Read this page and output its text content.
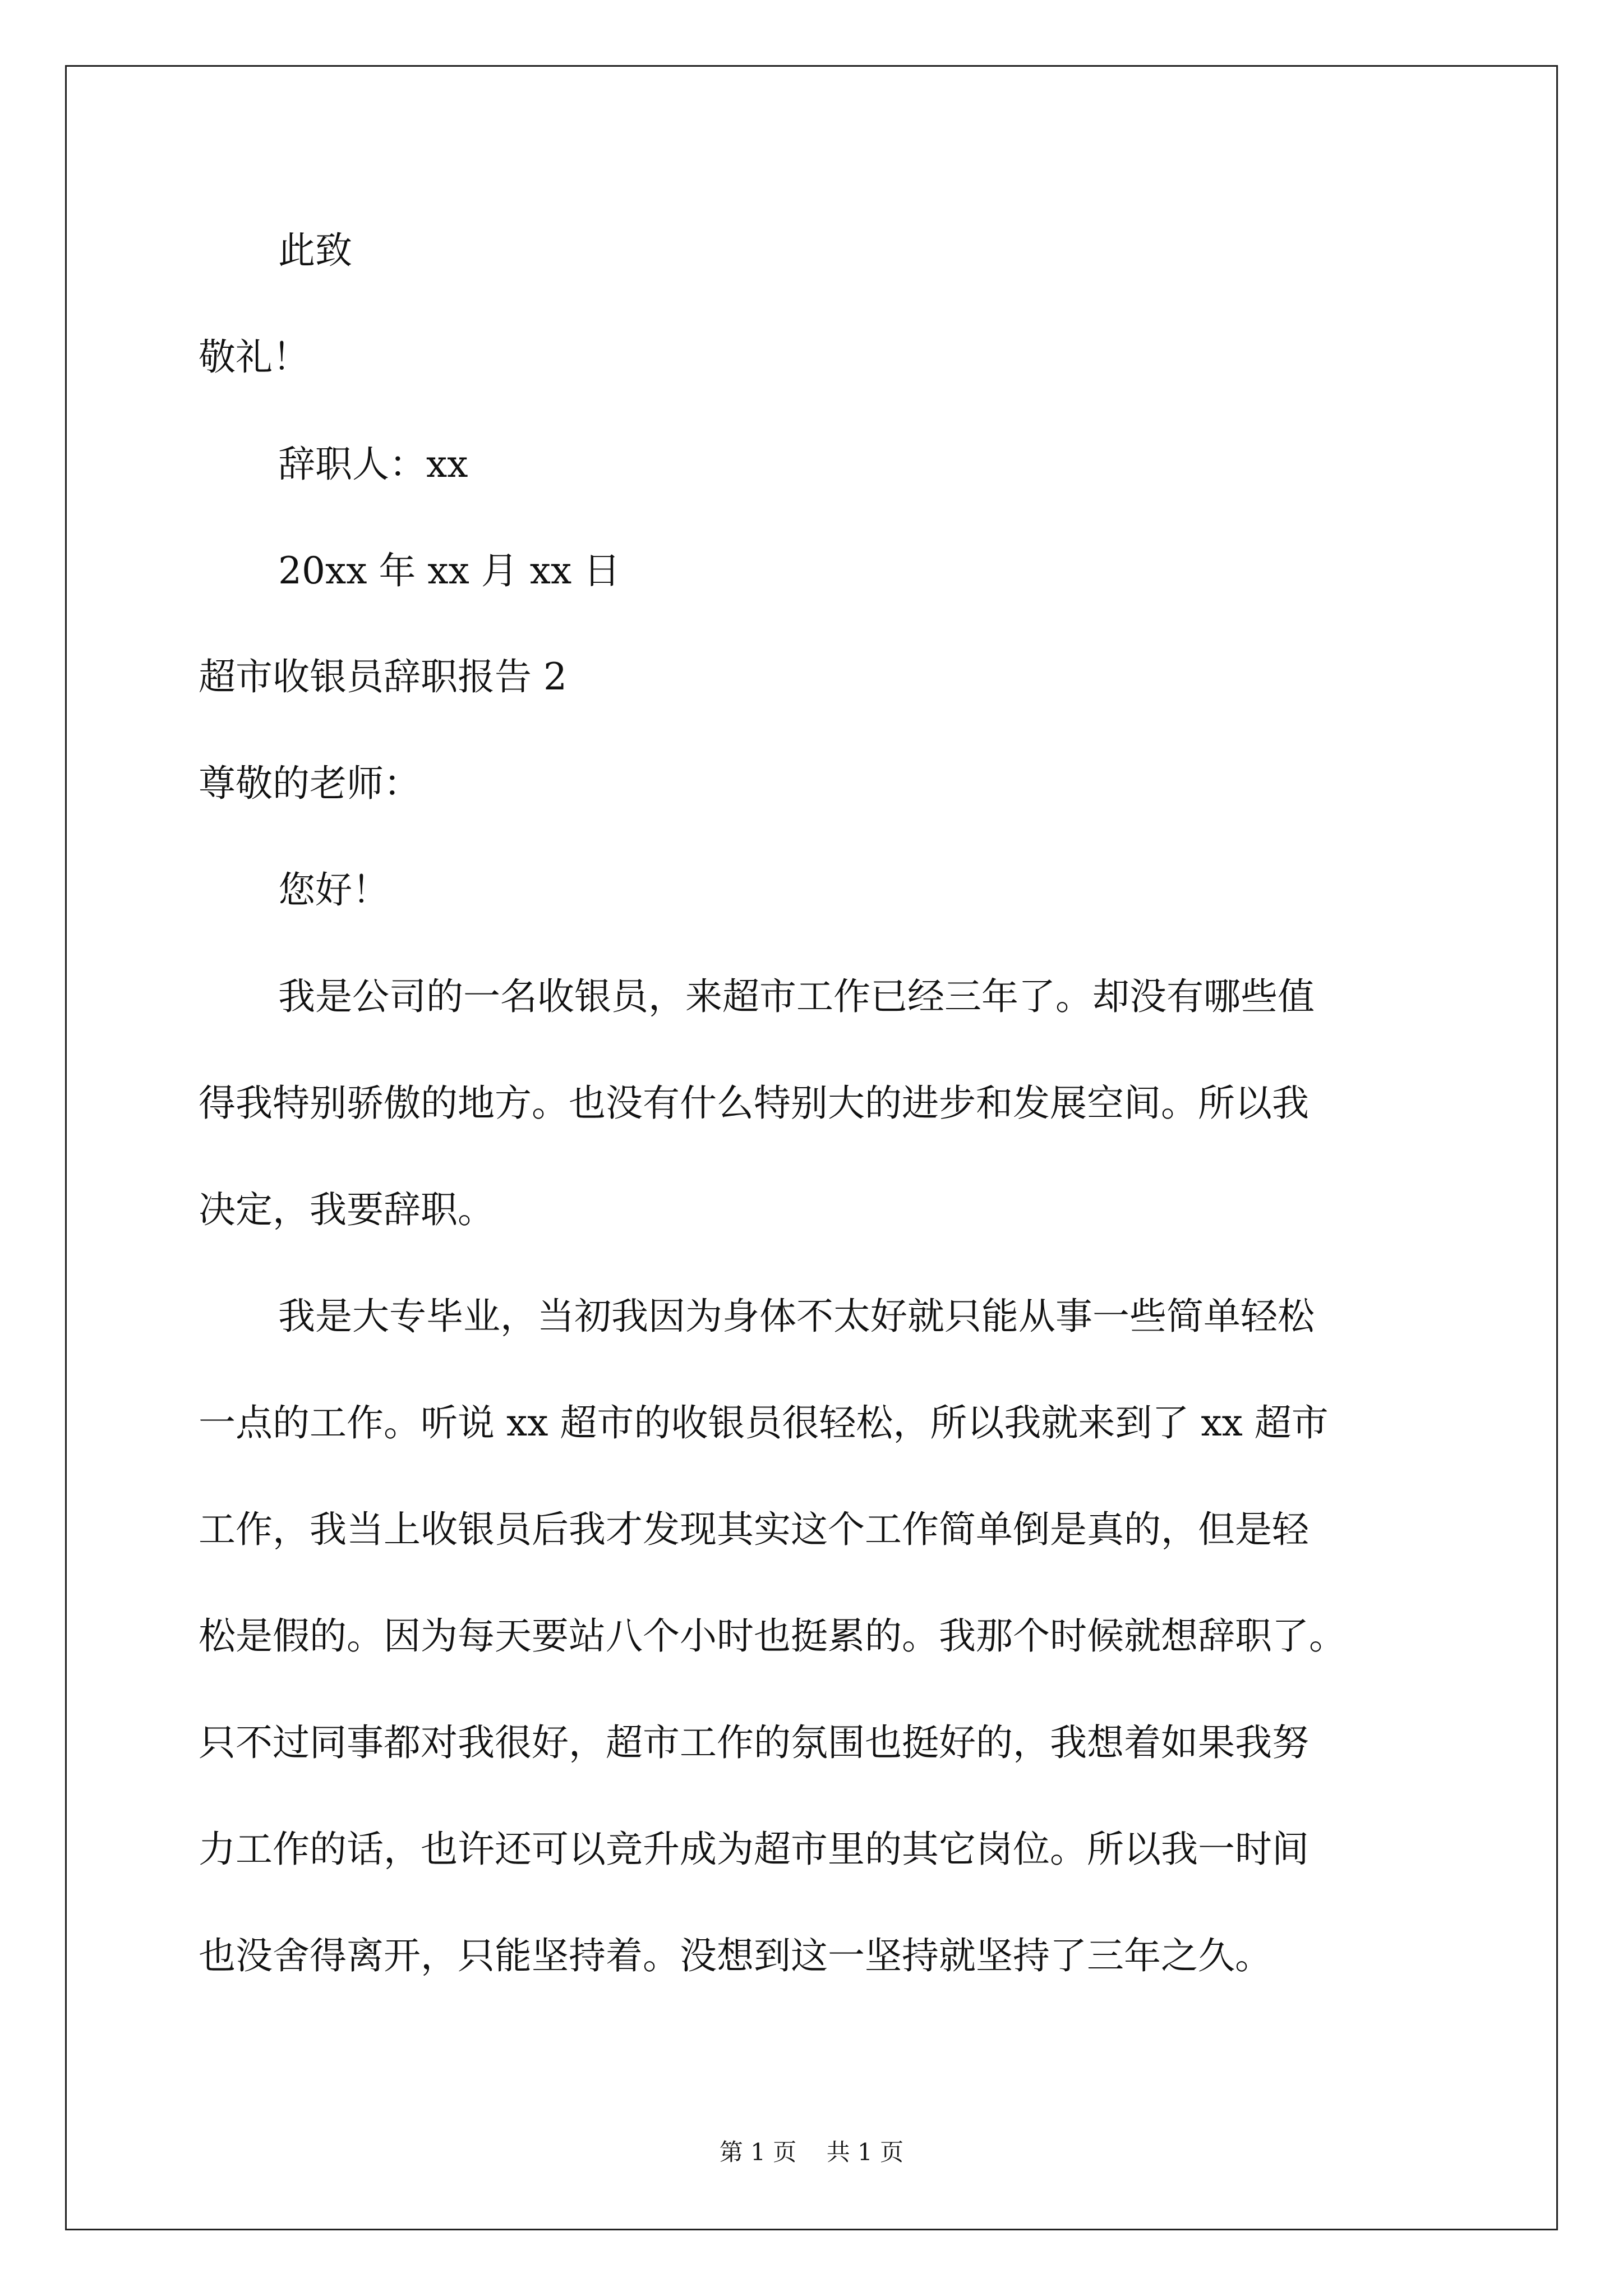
此致
敬礼！
辞职人：xx
20xx 年 xx 月 xx 日
超市收银员辞职报告 2
尊敬的老师：
您好！
我是公司的一名收银员，来超市工作已经三年了。却没有哪些值
得我特别骄傲的地方。也没有什么特别大的进步和发展空间。所以我
决定，我要辞职。
我是大专毕业，当初我因为身体不太好就只能从事一些简单轻松
一点的工作。听说 xx 超市的收银员很轻松，所以我就来到了 xx 超市
工作，我当上收银员后我才发现其实这个工作简单倒是真的，但是轻
松是假的。因为每天要站八个小时也挺累的。我那个时候就想辞职了。
只不过同事都对我很好，超市工作的氛围也挺好的，我想着如果我努
力工作的话，也许还可以竞升成为超市里的其它岗位。所以我一时间
也没舍得离开，只能坚持着。没想到这一坚持就坚持了三年之久。
第 1 页    共 1 页
